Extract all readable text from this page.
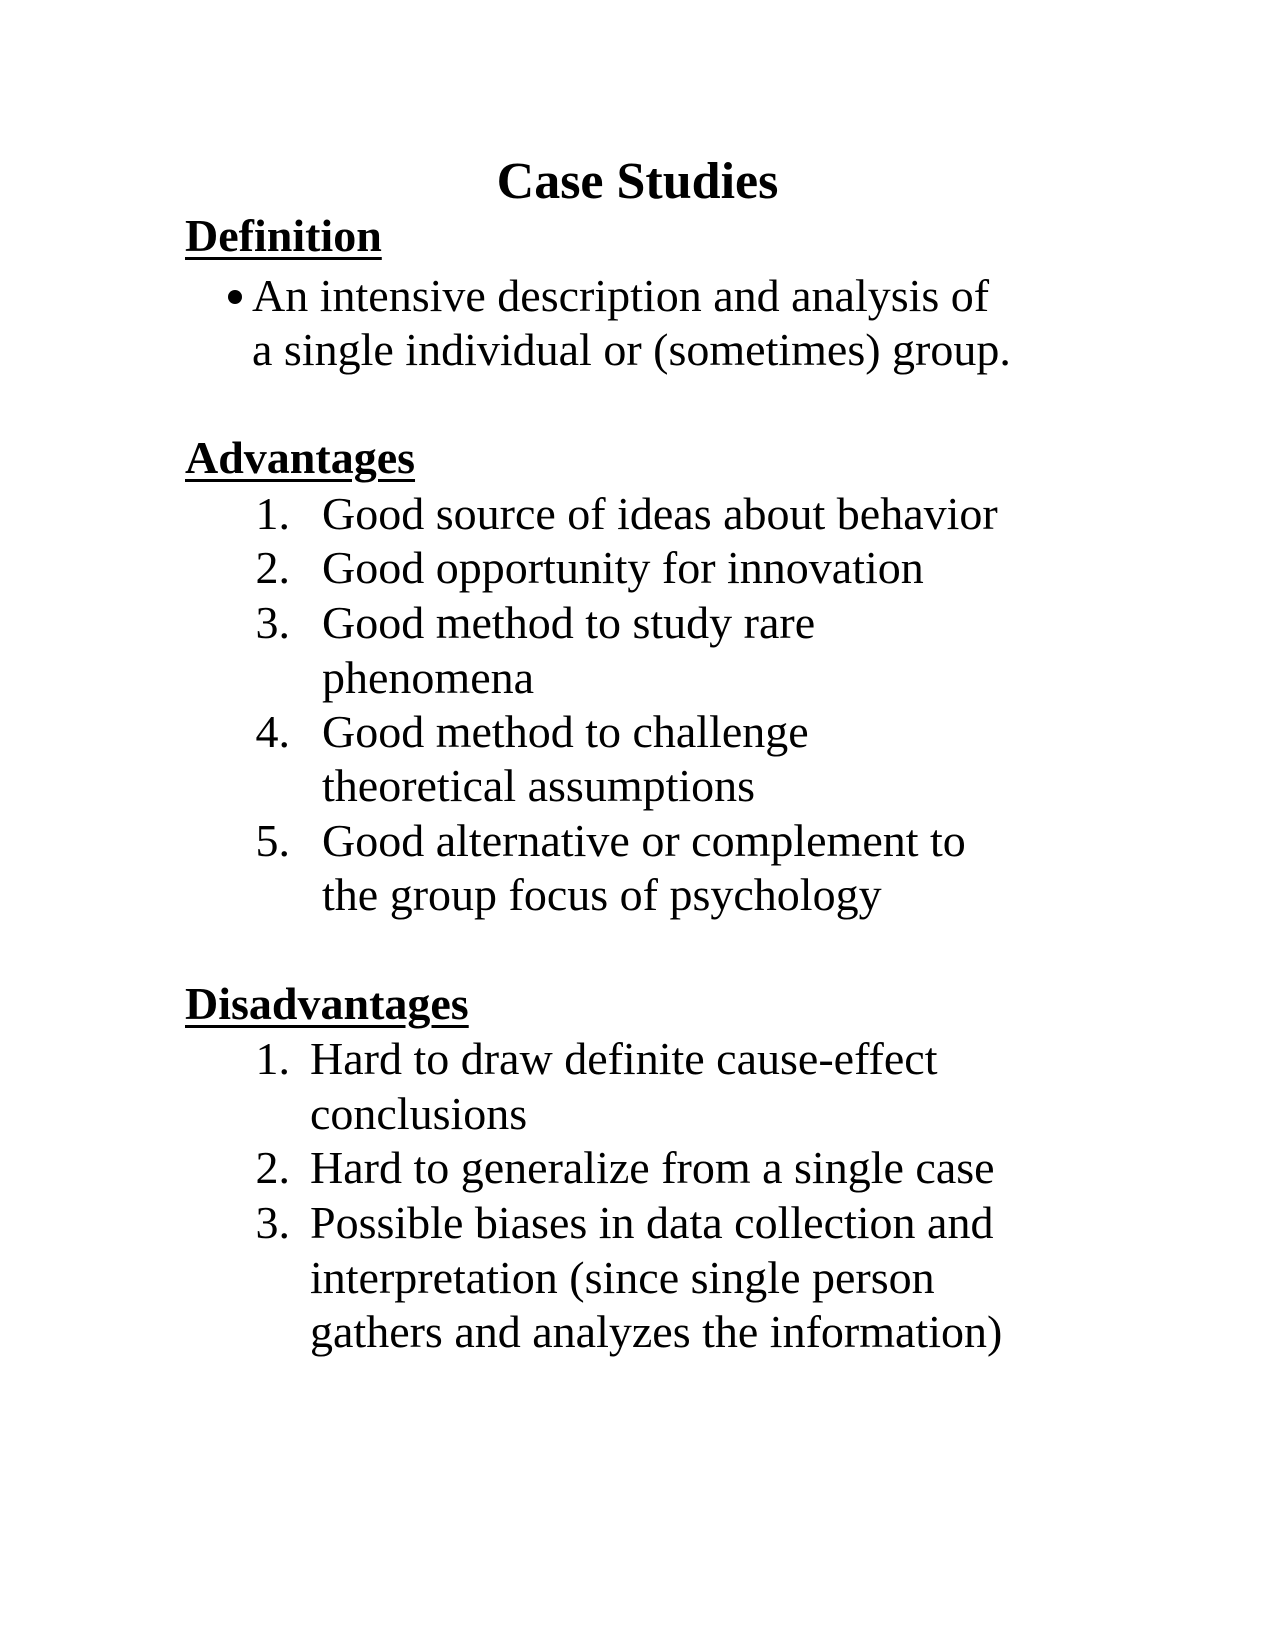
Case Studies
Definition
An intensive description and analysis of
a single individual or (sometimes) group.
Advantages
1. Good source of ideas about behavior
2. Good opportunity for innovation
3. Good method to study rare
phenomena
4. Good method to challenge
theoretical assumptions
5. Good alternative or complement to
the group focus of psychology
Disadvantages
1. Hard to draw definite cause-effect
conclusions
2. Hard to generalize from a single case
3. Possible biases in data collection and
interpretation (since single person
gathers and analyzes the information)
